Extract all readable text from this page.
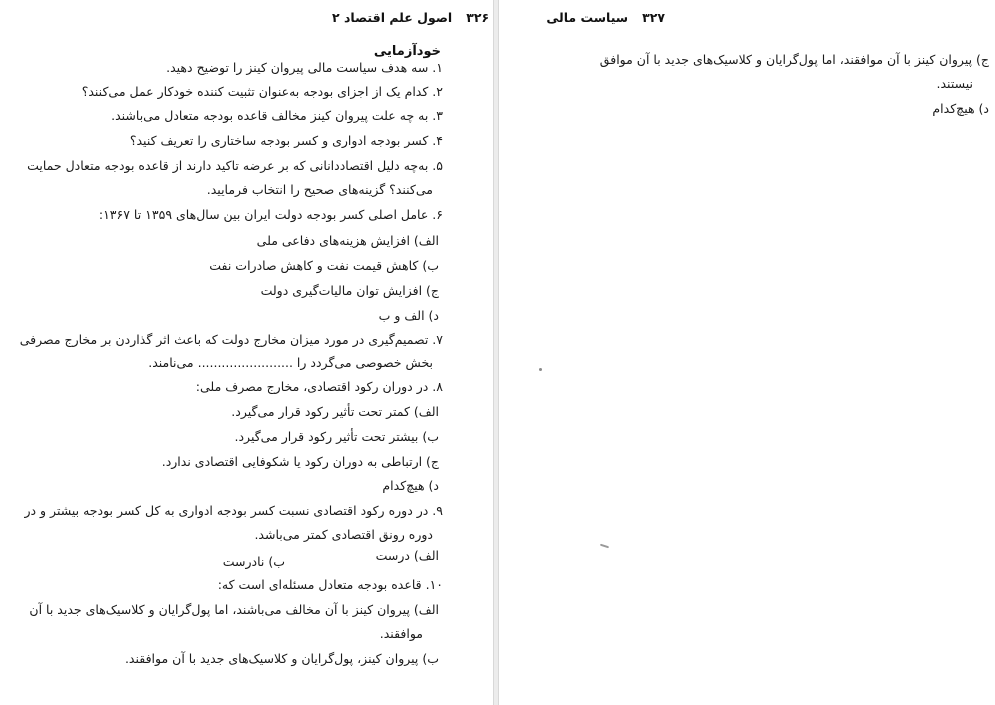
۳۲۶
اصول علم اقتصاد ۲
خودآزمایی
۱. سه هدف سیاست مالی پیروان کینز را توضیح دهید.
۲. کدام یک از اجزای بودجه به‌عنوان تثبیت کننده خودکار عمل می‌کنند؟
۳. به چه علت پیروان کینز مخالف قاعده بودجه متعادل می‌باشند.
۴. کسر بودجه ادواری و کسر بودجه ساختاری را تعریف کنید؟
۵. به‌چه دلیل اقتصاددانانی که بر عرضه تاکید دارند از قاعده بودجه متعادل حمایت
می‌کنند؟ گزینه‌های صحیح را انتخاب فرمایید.
۶. عامل اصلی کسر بودجه دولت ایران بین سال‌های ۱۳۵۹ تا ۱۳۶۷:
الف) افزایش هزینه‌های دفاعی ملی
ب) کاهش قیمت نفت و کاهش صادرات نفت
ج) افزایش توان مالیات‌گیری دولت
د) الف و ب
۷. تصمیم‌گیری در مورد میزان مخارج دولت که باعث اثر گذاردن بر مخارج مصرفی
بخش خصوصی می‌گردد را ........................ می‌نامند.
۸. در دوران رکود اقتصادی، مخارج مصرف ملی:
الف) کمتر تحت تأثیر رکود قرار می‌گیرد.
ب) بیشتر تحت تأثیر رکود قرار می‌گیرد.
ج) ارتباطی به دوران رکود یا شکوفایی اقتصادی ندارد.
د) هیچ‌کدام
۹. در دوره رکود اقتصادی نسبت کسر بودجه ادواری به کل کسر بودجه بیشتر و در
دوره رونق اقتصادی کمتر می‌باشد.
الف) درست
ب) نادرست
۱۰. قاعده بودجه متعادل مسئله‌ای است که:
الف) پیروان کینز با آن مخالف می‌باشند، اما پول‌گرایان و کلاسیک‌های جدید با آن
موافقند.
ب) پیروان کینز، پول‌گرایان و کلاسیک‌های جدید با آن موافقند.
۳۲۷
سیاست مالی
ج) پیروان کینز با آن موافقند، اما پول‌گرایان و کلاسیک‌های جدید با آن موافق
نیستند.
د) هیچ‌کدام
